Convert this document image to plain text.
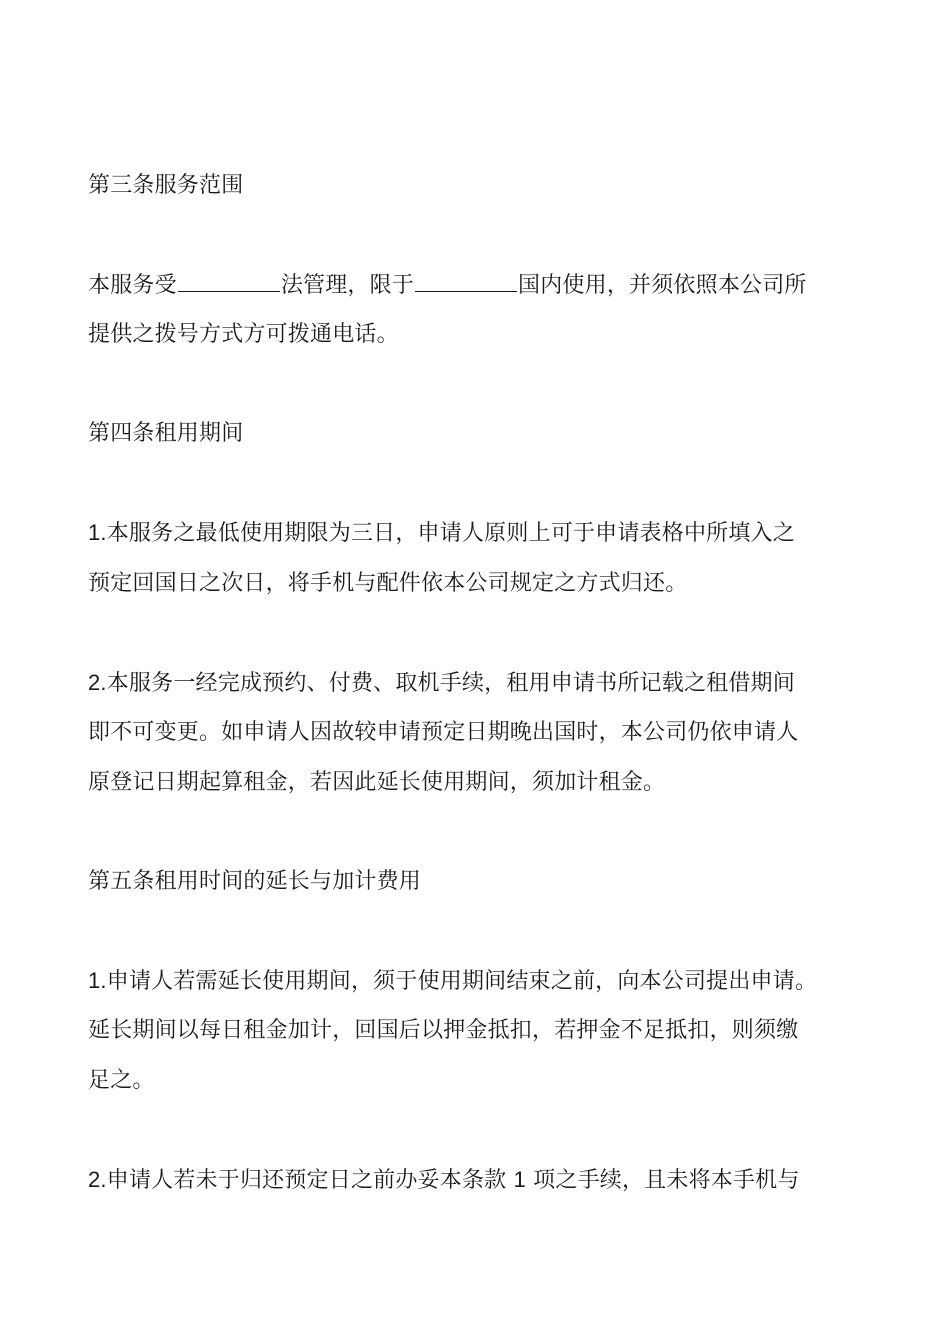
第三条服务范围
本服务受	法管理，限于	国内使用，并须依照本公司所
提供之拨号方式方可拨通电话。
第四条租用期间
1.本服务之最低使用期限为三日，申请人原则上可于申请表格中所填入之
预定回国日之次日，将手机与配件依本公司规定之方式归还。
2.本服务一经完成预约、付费、取机手续，租用申请书所记载之租借期间
即不可变更。如申请人因故较申请预定日期晚出国时，本公司仍依申请人
原登记日期起算租金，若因此延长使用期间，须加计租金。
第五条租用时间的延长与加计费用
1.申请人若需延长使用期间，须于使用期间结束之前，向本公司提出申请。
延长期间以每日租金加计，回国后以押金抵扣，若押金不足抵扣，则须缴
足之。
2.申请人若未于归还预定日之前办妥本条款 1 项之手续，且未将本手机与
